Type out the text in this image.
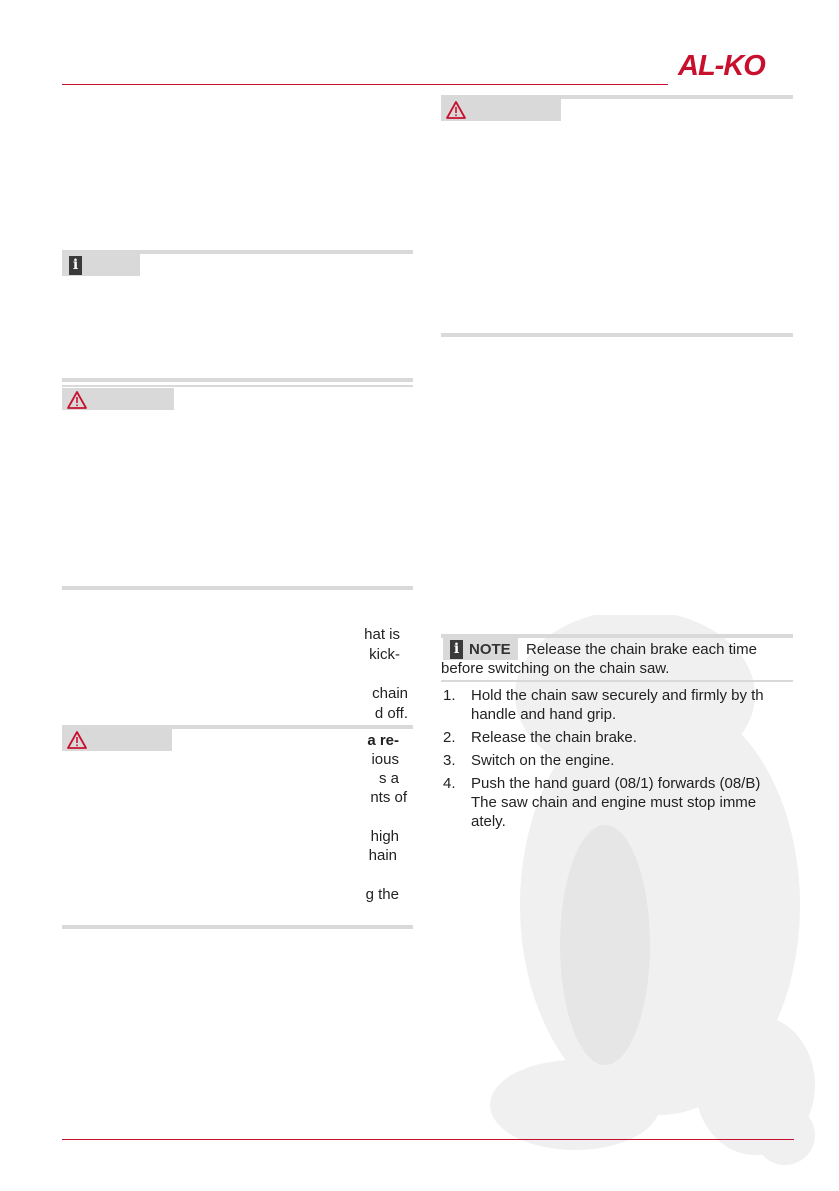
AL-KO
i
hat is
kick-
chain
d off.
a re-
ious
s a
nts of
high
hain
g the
i NOTE Release the chain brake each time
before switching on the chain saw.
1. Hold the chain saw securely and firmly by th
handle and hand grip.
2. Release the chain brake.
3. Switch on the engine.
4. Push the hand guard (08/1) forwards (08/B)
The saw chain and engine must stop imme
ately.
